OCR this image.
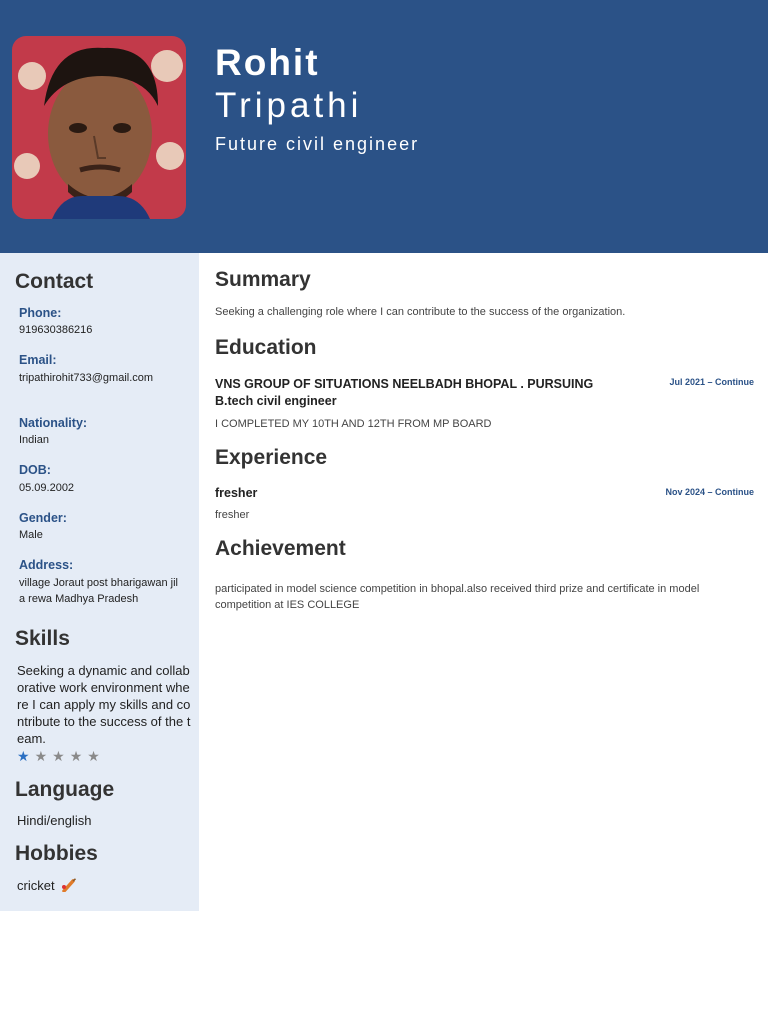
Rohit
Tripathi
Future civil engineer
Contact
Phone:
919630386216
Email:
tripathirohit733@gmail.com
Nationality:
Indian
DOB:
05.09.2002
Gender:
Male
Address:
village Joraut post bharigawan jila rewa Madhya Pradesh
Skills
Seeking a dynamic and collaborative work environment where I can apply my skills and contribute to the success of the team.
★★★★★
Language
Hindi/english
Hobbies
cricket
Summary
Seeking a challenging role where I can contribute to the success of the organization.
Education
VNS GROUP OF SITUATIONS NEELBADH BHOPAL . PURSUING
B.tech civil engineer
Jul 2021 – Continue
I COMPLETED MY 10TH AND 12TH FROM MP BOARD
Experience
fresher	Nov 2024 – Continue
fresher
Achievement
participated in model science competition in bhopal.also received third prize and certificate in model competition at IES COLLEGE
